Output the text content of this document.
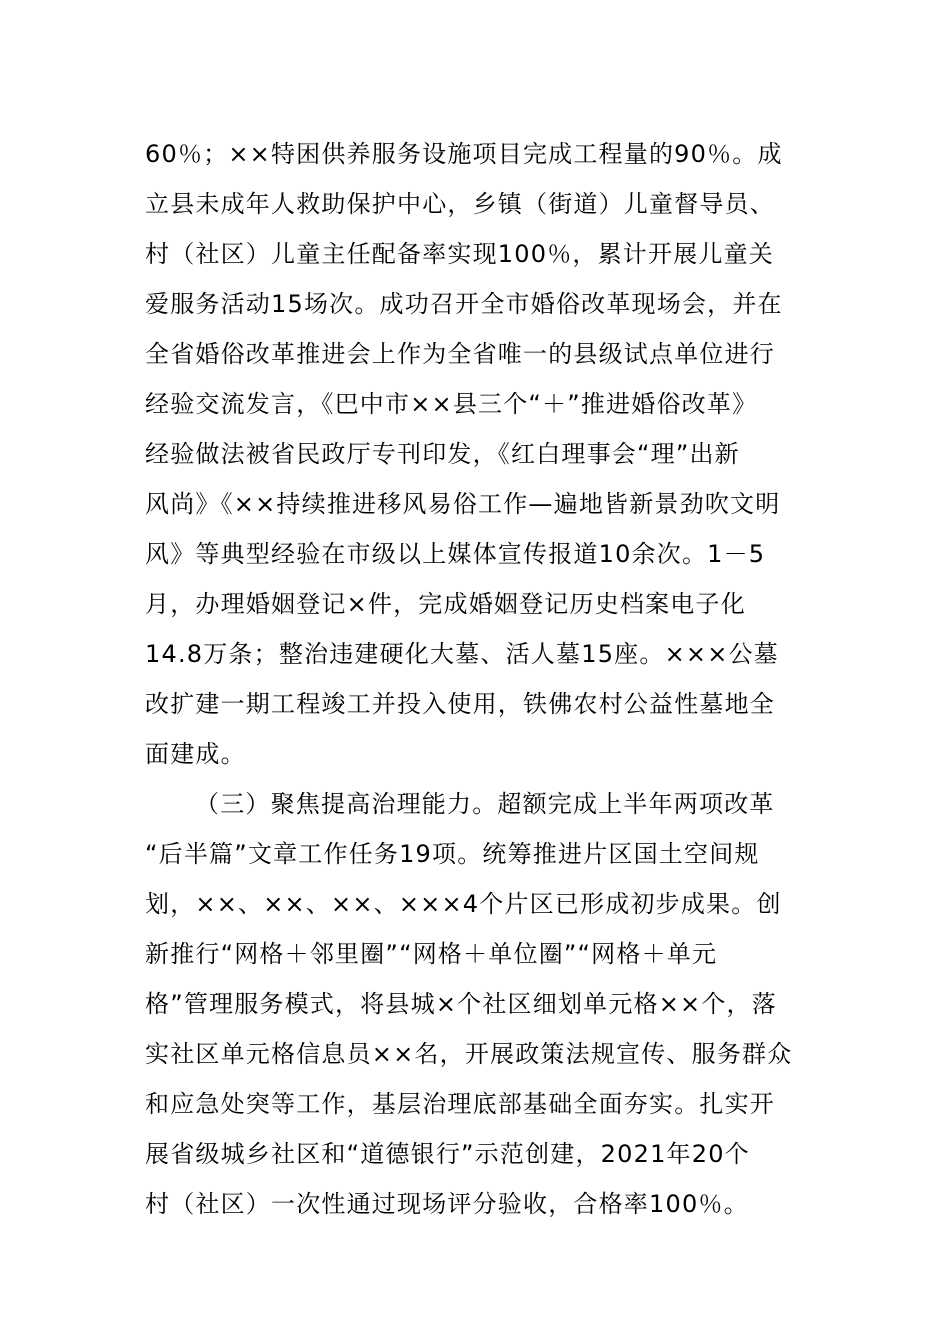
60％；××特困供养服务设施项目完成工程量的90％。成
立县未成年人救助保护中心，乡镇（街道）儿童督导员、
村（社区）儿童主任配备率实现100％，累计开展儿童关
爱服务活动15场次。成功召开全市婚俗改革现场会，并在
全省婚俗改革推进会上作为全省唯一的县级试点单位进行
经验交流发言，《巴中市××县三个“＋”推进婚俗改革》
经验做法被省民政厅专刊印发，《红白理事会“理”出新
风尚》《××持续推进移风易俗工作—遍地皆新景劲吹文明
风》等典型经验在市级以上媒体宣传报道10余次。1－5
月，办理婚姻登记×件，完成婚姻登记历史档案电子化
14.8万条；整治违建硬化大墓、活人墓15座。×××公墓
改扩建一期工程竣工并投入使用，铁佛农村公益性墓地全
面建成。
（三）聚焦提高治理能力。超额完成上半年两项改革
“后半篇”文章工作任务19项。统筹推进片区国土空间规
划，××、××、××、×××4个片区已形成初步成果。创
新推行“网格＋邻里圈”“网格＋单位圈”“网格＋单元
格”管理服务模式，将县城×个社区细划单元格××个，落
实社区单元格信息员××名，开展政策法规宣传、服务群众
和应急处突等工作，基层治理底部基础全面夯实。扎实开
展省级城乡社区和“道德银行”示范创建，2021年20个
村（社区）一次性通过现场评分验收，合格率100％。
